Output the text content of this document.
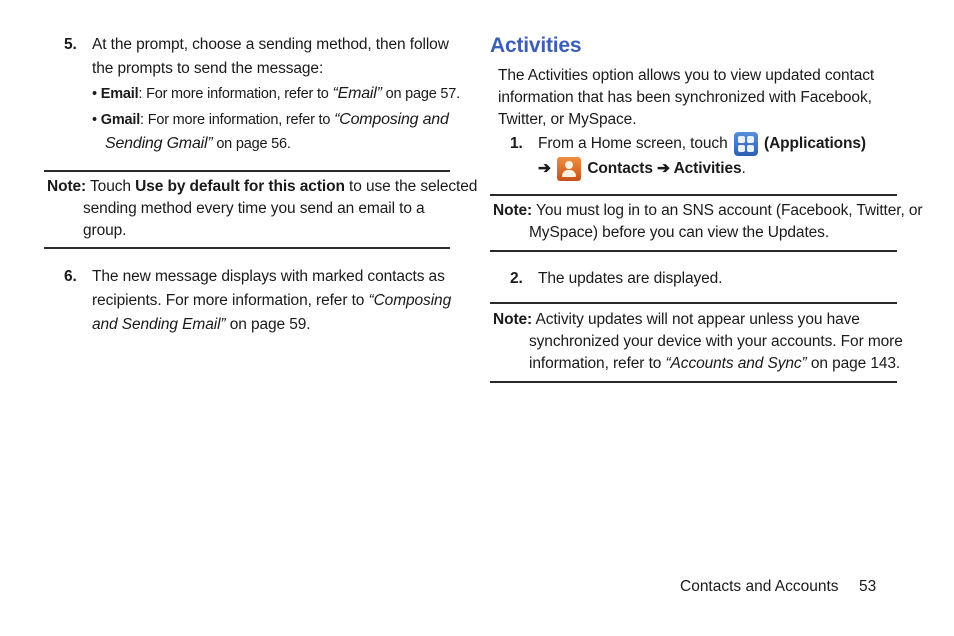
5. At the prompt, choose a sending method, then follow
the prompts to send the message:
• Email: For more information, refer to “Email” on page 57.
• Gmail: For more information, refer to “Composing and
Sending Gmail” on page 56.
Note: Touch Use by default for this action to use the selected
sending method every time you send an email to a
group.
6. The new message displays with marked contacts as
recipients. For more information, refer to “Composing
and Sending Email” on page 59.
Activities
The Activities option allows you to view updated contact
information that has been synchronized with Facebook,
Twitter, or MySpace.
1. From a Home screen, touch
(Applications)
➔ Contacts ➔ Activities.
Note: You must log in to an SNS account (Facebook, Twitter, or
MySpace) before you can view the Updates.
2. The updates are displayed.
Note: Activity updates will not appear unless you have
synchronized your device with your accounts. For more
information, refer to “Accounts and Sync” on page 143.
Contacts and Accounts 53
